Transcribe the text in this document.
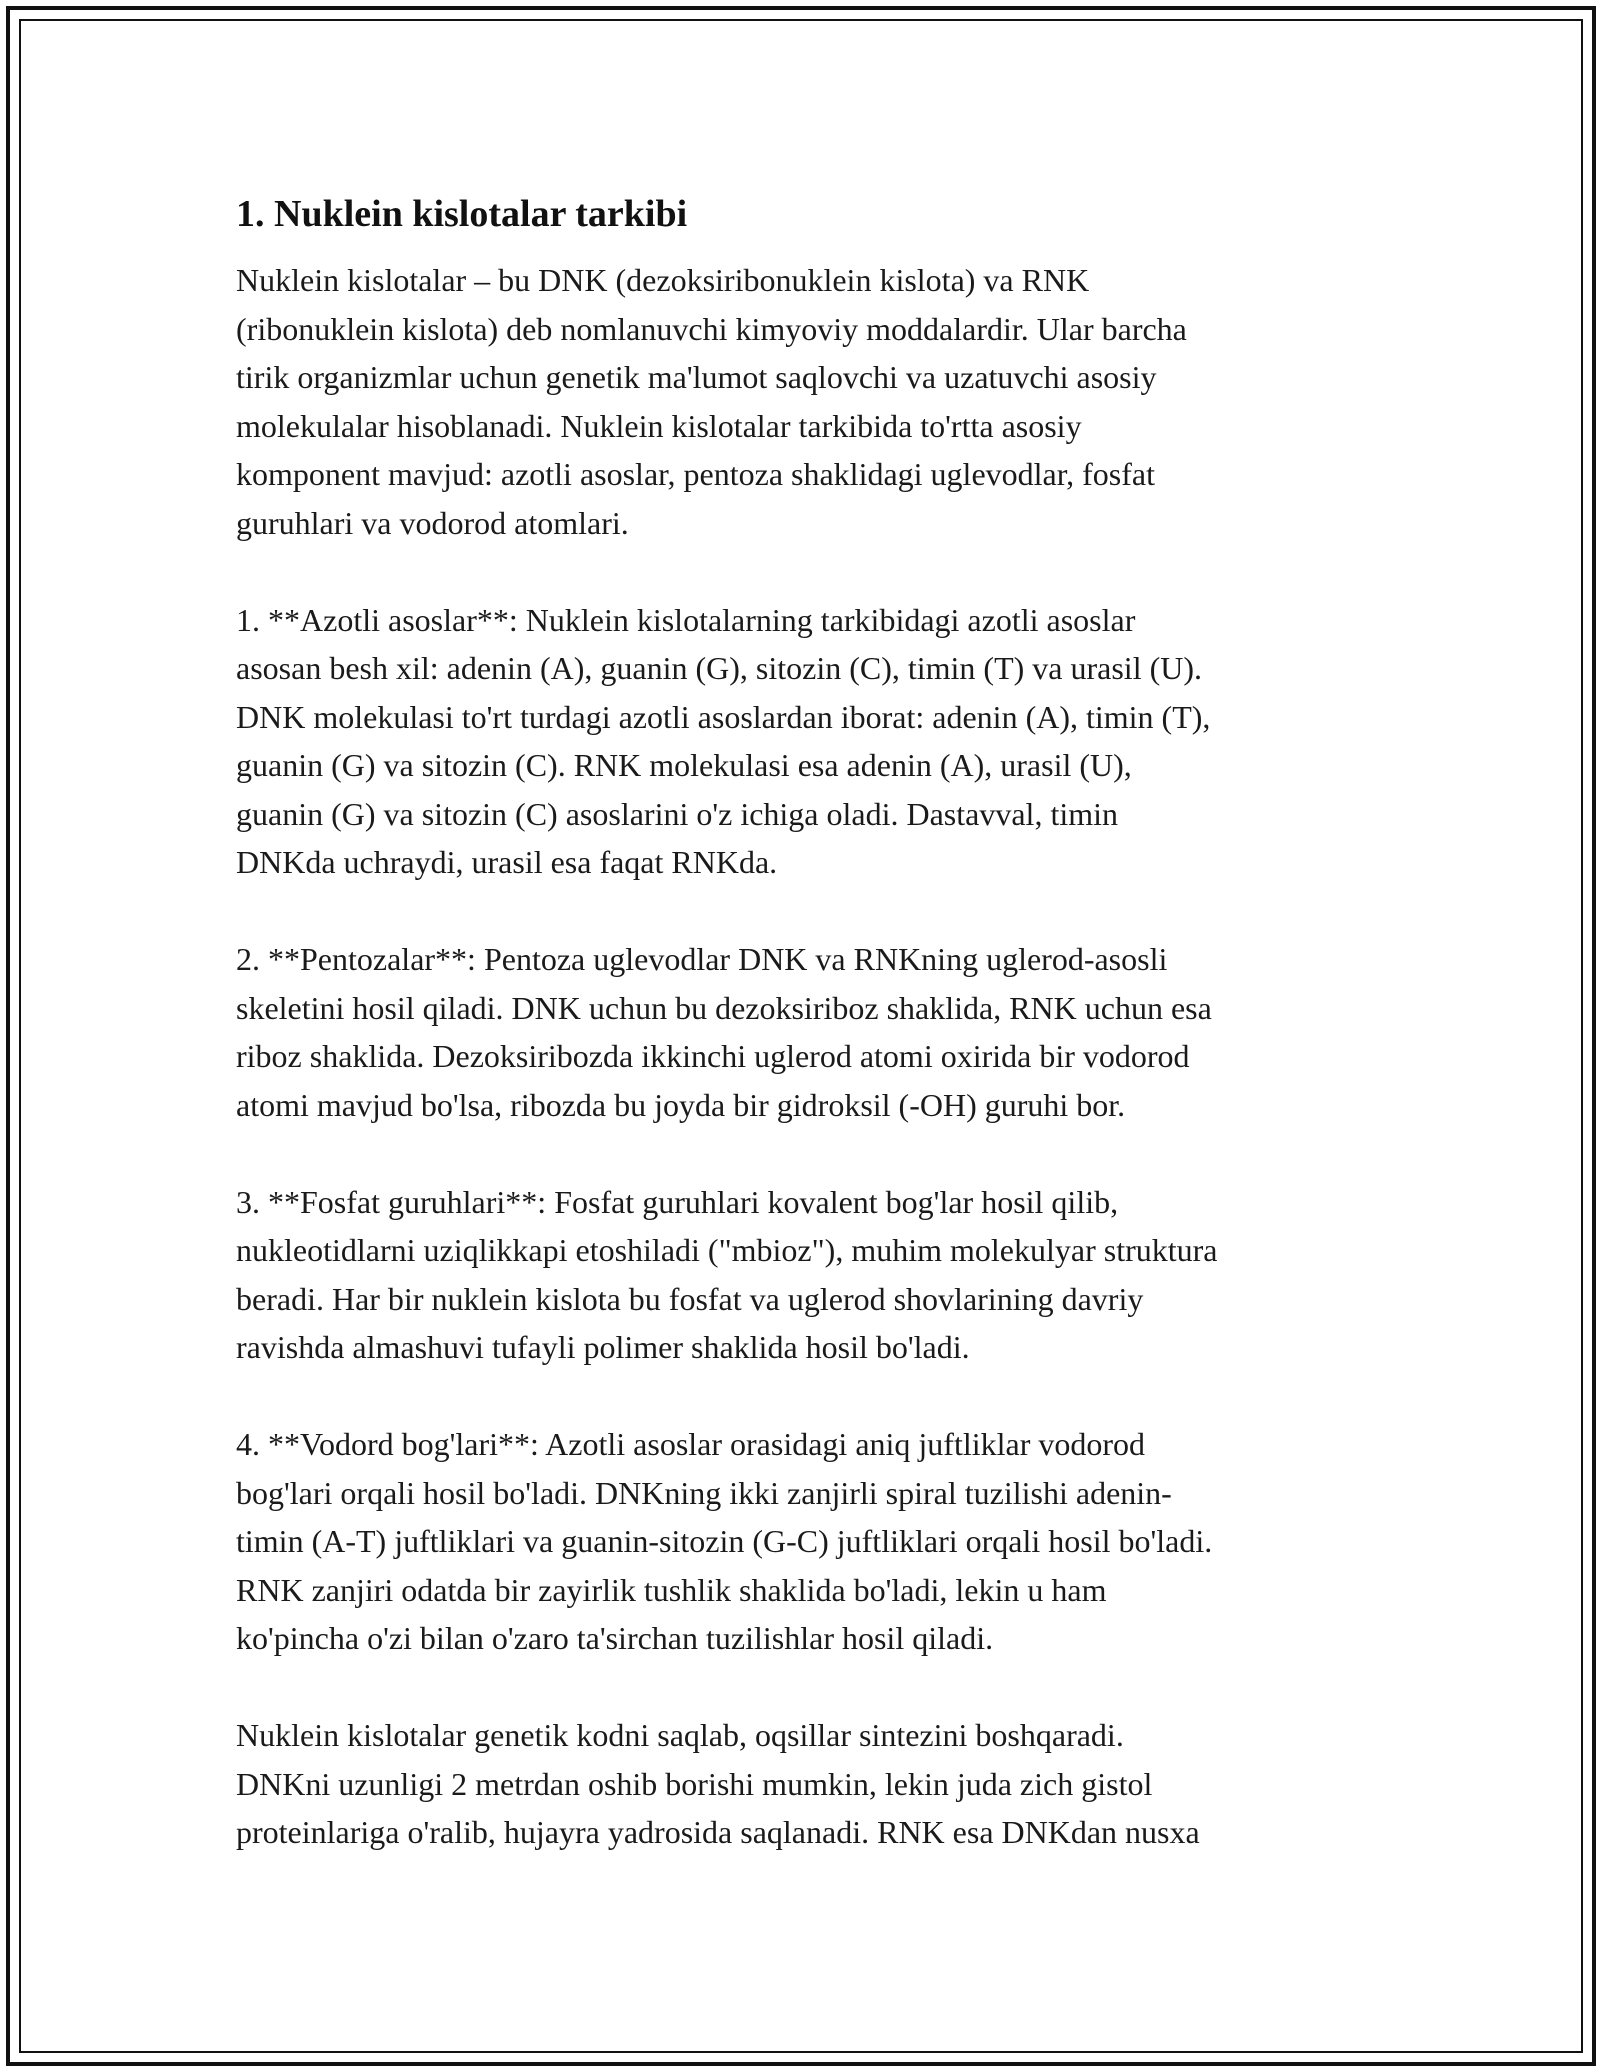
1. Nuklein kislotalar tarkibi

Nuklein kislotalar – bu DNK (dezoksiribonuklein kislota) va RNK
(ribonuklein kislota) deb nomlanuvchi kimyoviy moddalardir. Ular barcha
tirik organizmlar uchun genetik ma'lumot saqlovchi va uzatuvchi asosiy
molekulalar hisoblanadi. Nuklein kislotalar tarkibida to'rtta asosiy
komponent mavjud: azotli asoslar, pentoza shaklidagi uglevodlar, fosfat
guruhlari va vodorod atomlari.

1. **Azotli asoslar**: Nuklein kislotalarning tarkibidagi azotli asoslar
asosan besh xil: adenin (A), guanin (G), sitozin (C), timin (T) va urasil (U).
DNK molekulasi to'rt turdagi azotli asoslardan iborat: adenin (A), timin (T),
guanin (G) va sitozin (C). RNK molekulasi esa adenin (A), urasil (U),
guanin (G) va sitozin (C) asoslarini o'z ichiga oladi. Dastavval, timin
DNKda uchraydi, urasil esa faqat RNKda.

2. **Pentozalar**: Pentoza uglevodlar DNK va RNKning uglerod-asosli
skeletini hosil qiladi. DNK uchun bu dezoksiriboz shaklida, RNK uchun esa
riboz shaklida. Dezoksiribozda ikkinchi uglerod atomi oxirida bir vodorod
atomi mavjud bo'lsa, ribozda bu joyda bir gidroksil (-OH) guruhi bor.

3. **Fosfat guruhlari**: Fosfat guruhlari kovalent bog'lar hosil qilib,
nukleotidlarni uziqlikkapi etoshiladi ("mbioz"), muhim molekulyar struktura
beradi. Har bir nuklein kislota bu fosfat va uglerod shovlarining davriy
ravishda almashuvi tufayli polimer shaklida hosil bo'ladi.

4. **Vodord bog'lari**: Azotli asoslar orasidagi aniq juftliklar vodorod
bog'lari orqali hosil bo'ladi. DNKning ikki zanjirli spiral tuzilishi adenin-
timin (A-T) juftliklari va guanin-sitozin (G-C) juftliklari orqali hosil bo'ladi.
RNK zanjiri odatda bir zayirlik tushlik shaklida bo'ladi, lekin u ham
ko'pincha o'zi bilan o'zaro ta'sirchan tuzilishlar hosil qiladi.

Nuklein kislotalar genetik kodni saqlab, oqsillar sintezini boshqaradi.
DNKni uzunligi 2 metrdan oshib borishi mumkin, lekin juda zich gistol
proteinlariga o'ralib, hujayra yadrosida saqlanadi. RNK esa DNKdan nusxa
